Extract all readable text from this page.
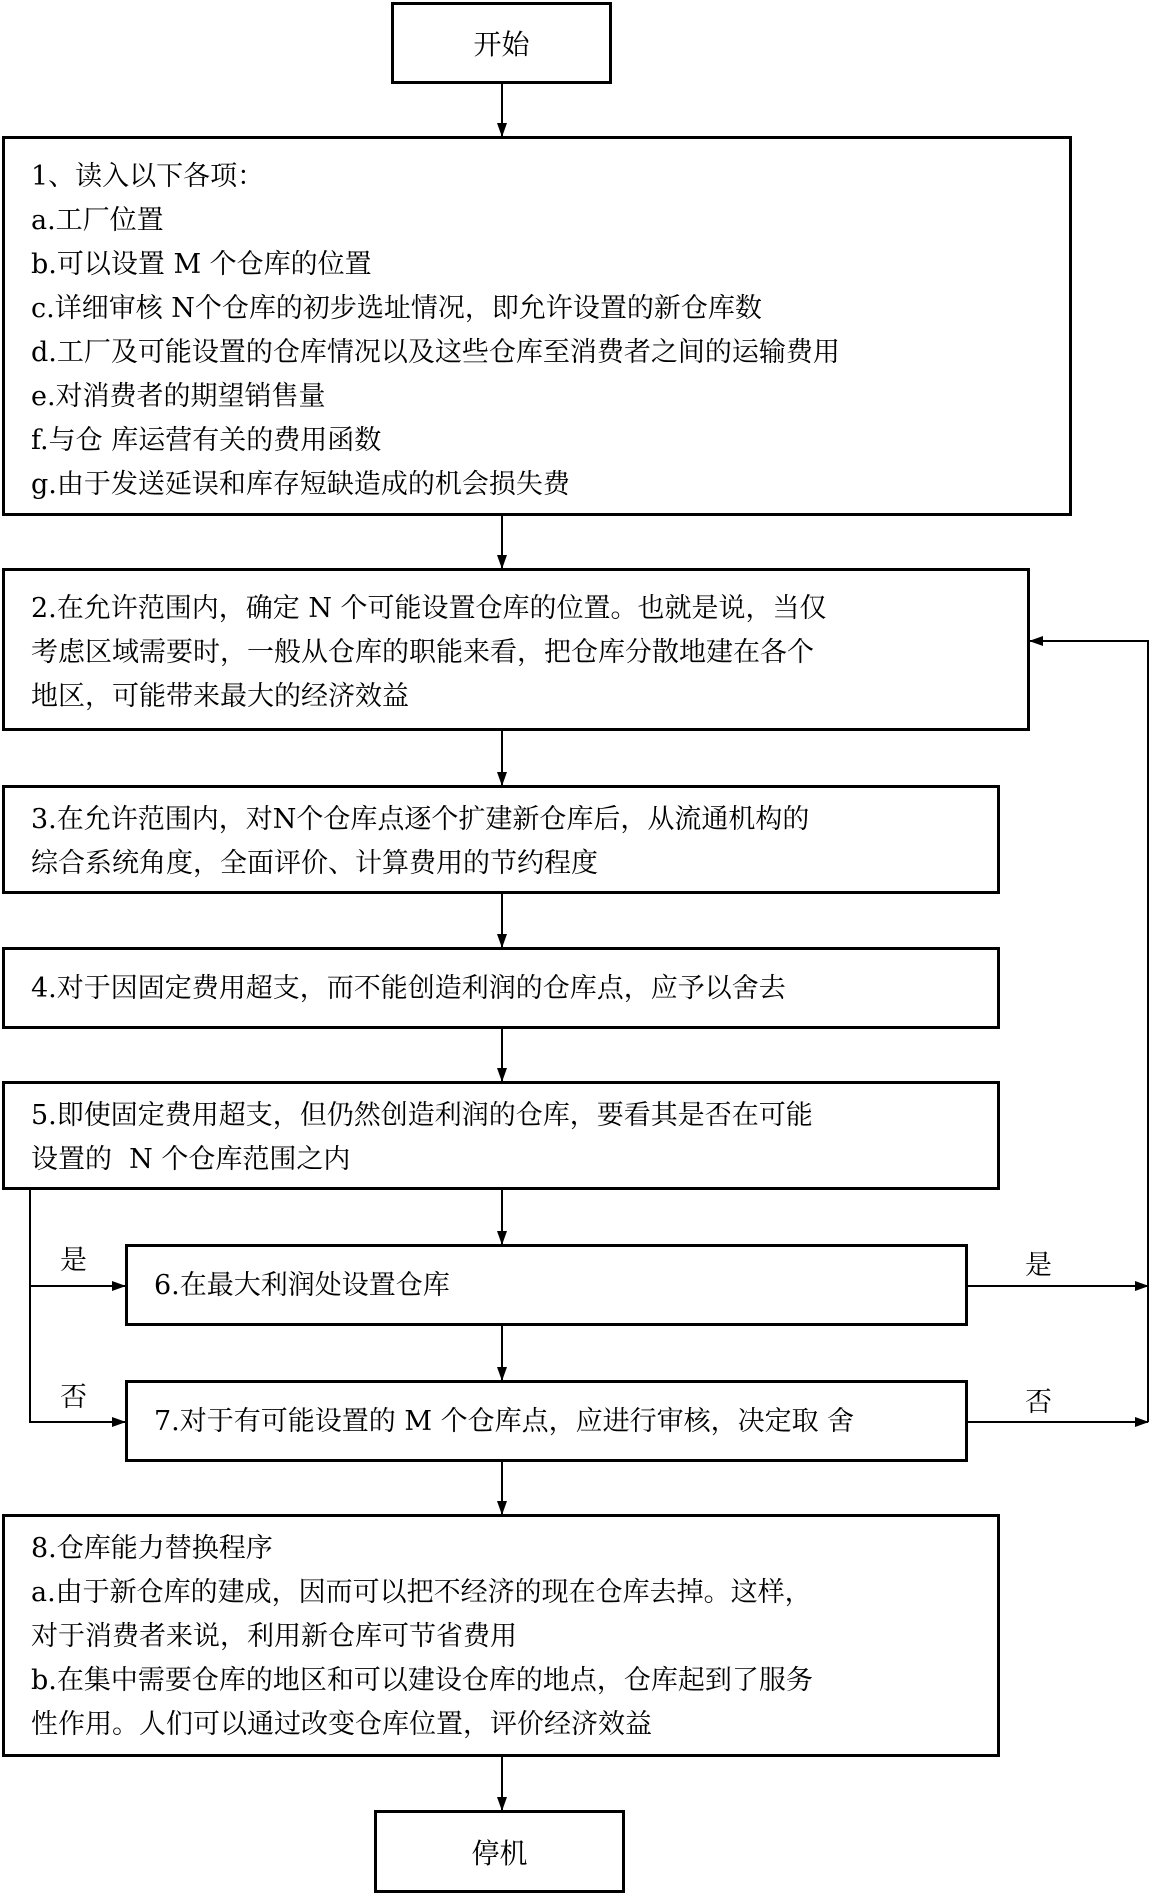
开始
1、读入以下各项：
a.工厂位置
b.可以设置 M 个仓库的位置
c.详细审核 N个仓库的初步选址情况，即允许设置的新仓库数
d.工厂及可能设置的仓库情况以及这些仓库至消费者之间的运输费用
e.对消费者的期望销售量
f.与仓 库运营有关的费用函数
g.由于发送延误和库存短缺造成的机会损失费
2.在允许范围内，确定 N 个可能设置仓库的位置。也就是说，当仅
考虑区域需要时，一般从仓库的职能来看，把仓库分散地建在各个
地区，可能带来最大的经济效益
3.在允许范围内，对N个仓库点逐个扩建新仓库后，从流通机构的
综合系统角度，全面评价、计算费用的节约程度
4.对于因固定费用超支，而不能创造利润的仓库点，应予以舍去
5.即使固定费用超支，但仍然创造利润的仓库，要看其是否在可能
设置的  N 个仓库范围之内
6.在最大利润处设置仓库
7.对于有可能设置的 M 个仓库点，应进行审核，决定取 舍
8.仓库能力替换程序
a.由于新仓库的建成，因而可以把不经济的现在仓库去掉。这样，
对于消费者来说，利用新仓库可节省费用
b.在集中需要仓库的地区和可以建设仓库的地点，仓库起到了服务
性作用。人们可以通过改变仓库位置，评价经济效益
停机
是
否
是
否
